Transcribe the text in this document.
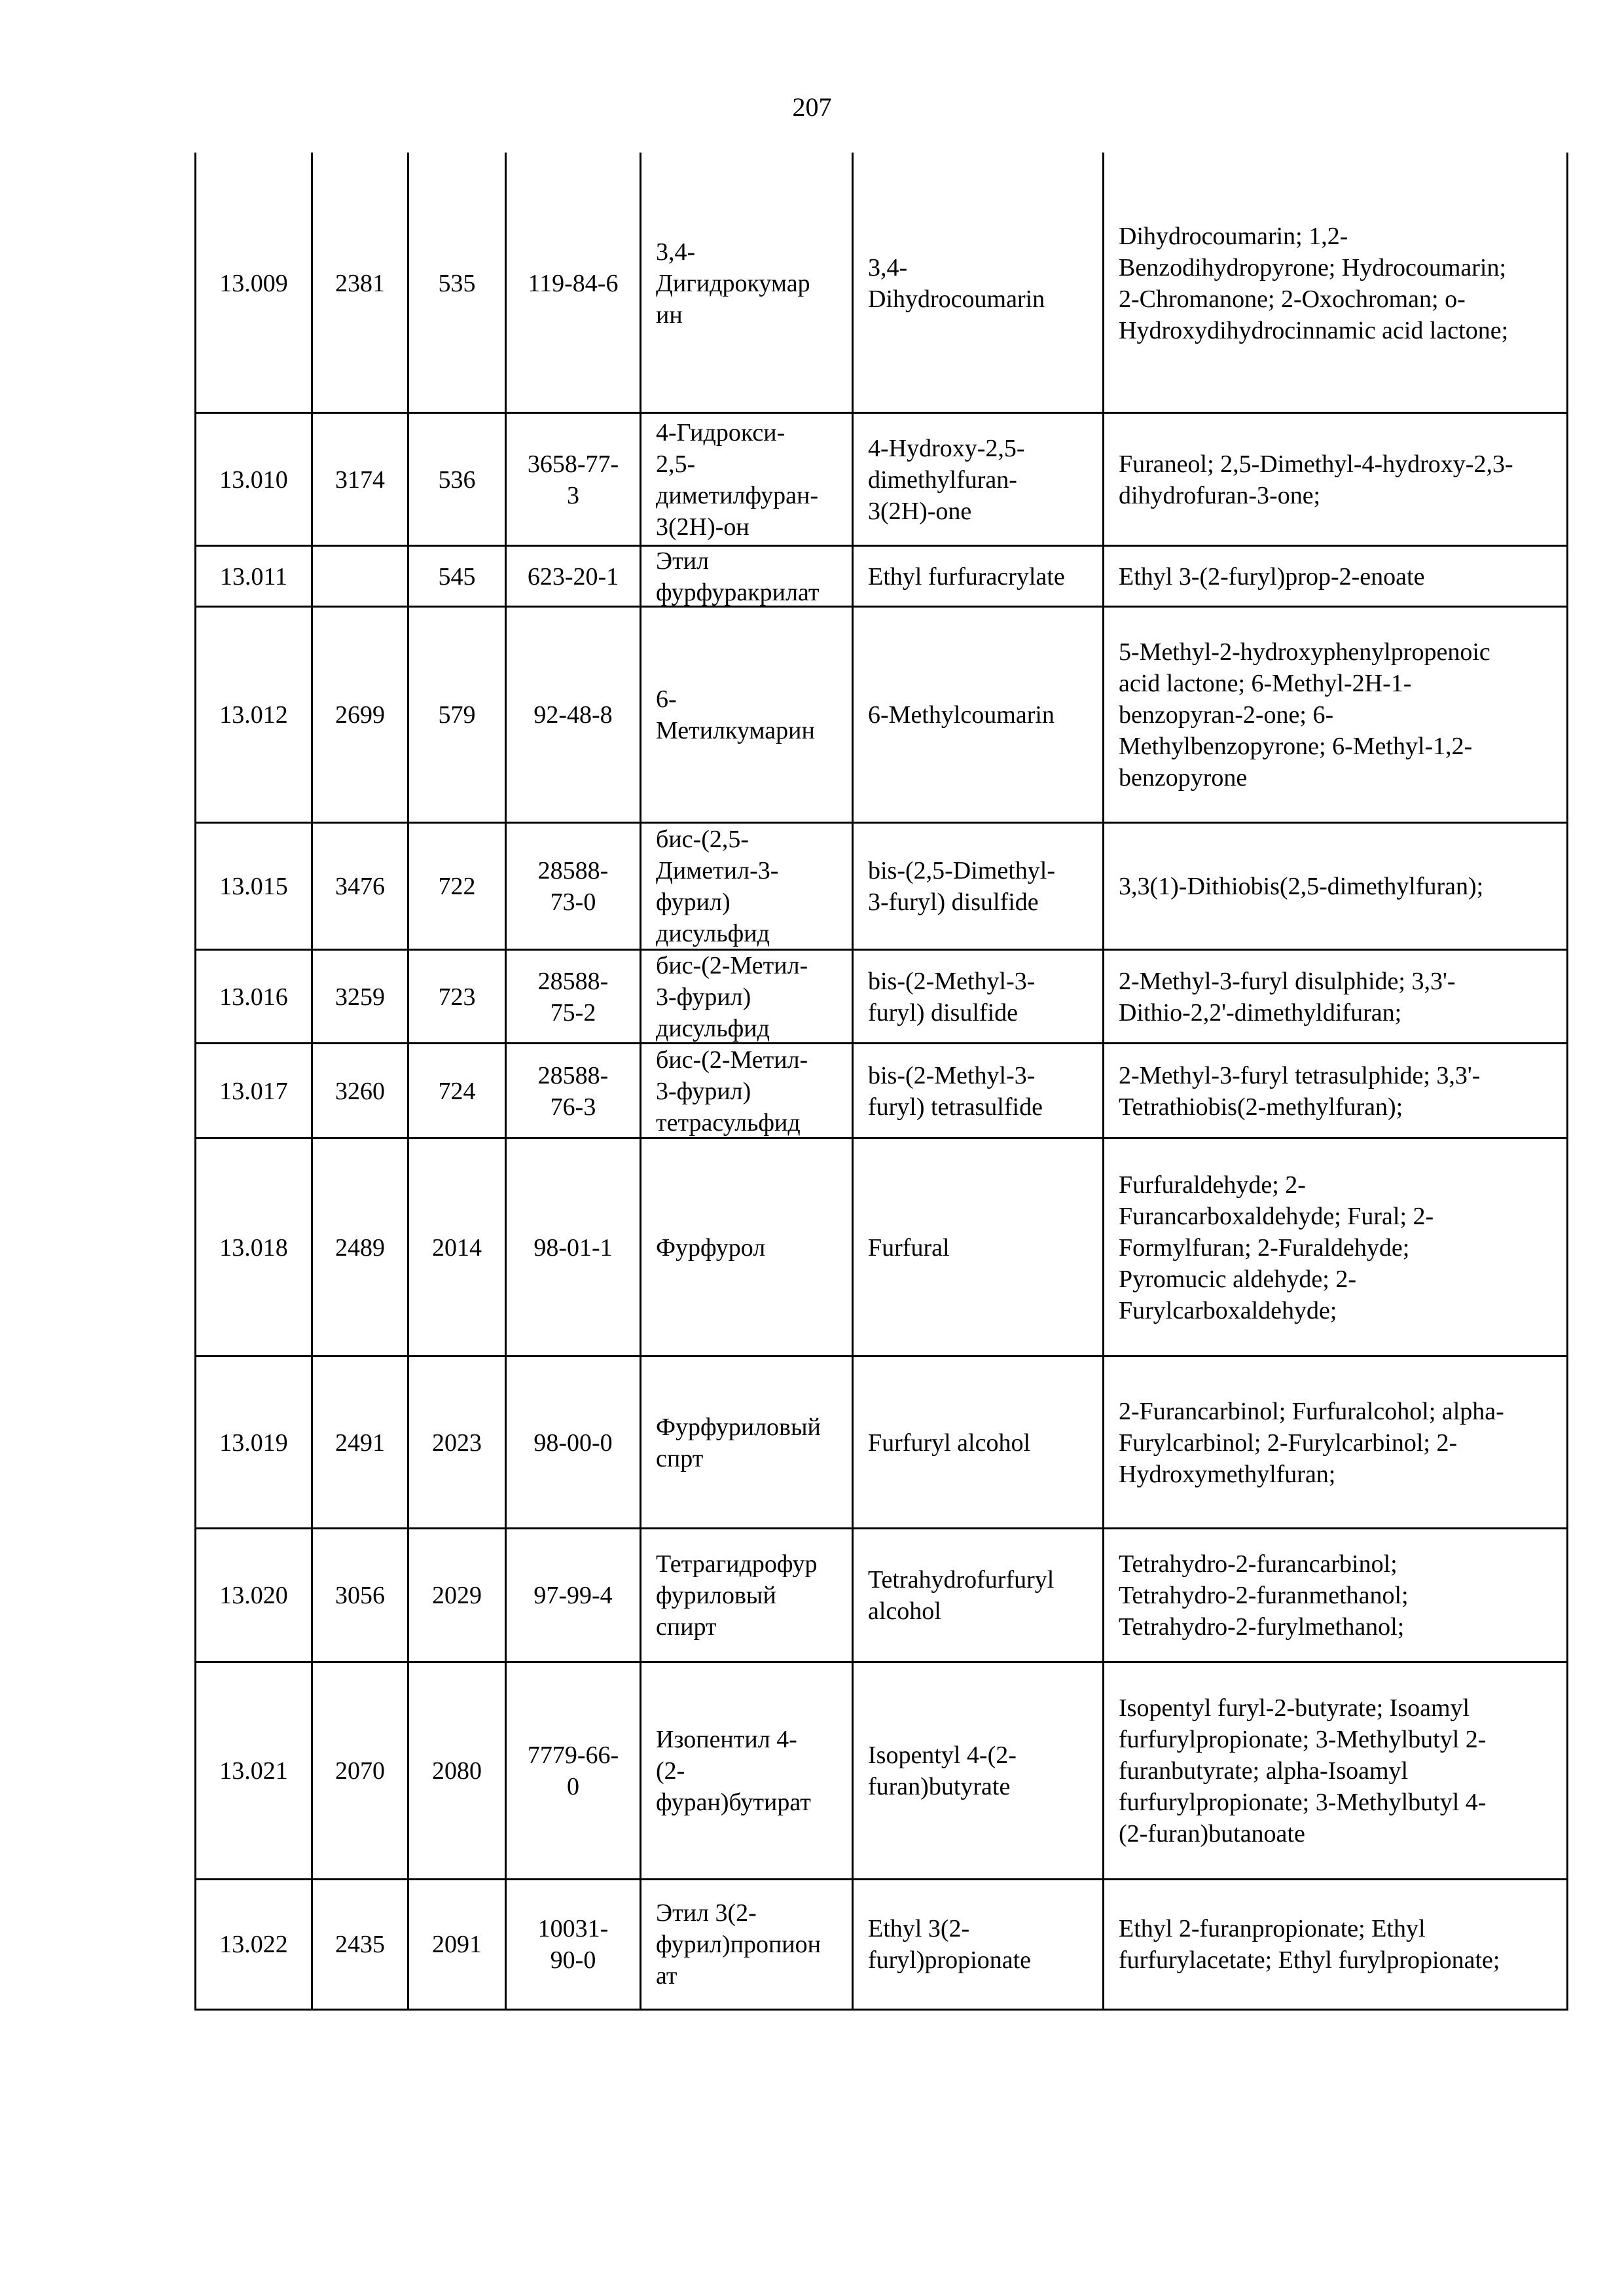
207
13.009 2381 535 119-84-6
3,4-
Дигидрокумар
ин
3,4-
Dihydrocoumarin
Dihydrocoumarin; 1,2-
Benzodihydropyrone; Hydrocoumarin;
2-Chromanone; 2-Oxochroman; o-
Hydroxydihydrocinnamic acid lactone;
13.010 3174 536
3658-77-
3
4-Гидрокси-
2,5-
диметилфуран-
3(2H)-он
4-Hydroxy-2,5-
dimethylfuran-
3(2H)-one
Furaneol; 2,5-Dimethyl-4-hydroxy-2,3-
dihydrofuran-3-one;
13.011	545 623-20-1
Этил
фурфуракрилат
Ethyl furfuracrylate Ethyl 3-(2-furyl)prop-2-enoate
13.012 2699 579 92-48-8
6-
Метилкумарин
6-Methylcoumarin
5-Methyl-2-hydroxyphenylpropenoic
acid lactone; 6-Methyl-2H-1-
benzopyran-2-one; 6-
Methylbenzopyrone; 6-Methyl-1,2-
benzopyrone
13.015 3476 722
28588-
73-0
бис-(2,5-
Диметил-3-
фурил)
дисульфид
bis-(2,5-Dimethyl-
3-furyl) disulfide
3,3(1)-Dithiobis(2,5-dimethylfuran);
13.016 3259 723
28588-
75-2
бис-(2-Метил-
3-фурил)
дисульфид
bis-(2-Methyl-3-
furyl) disulfide
2-Methyl-3-furyl disulphide; 3,3'-
Dithio-2,2'-dimethyldifuran;
13.017 3260 724
28588-
76-3
бис-(2-Метил-
3-фурил)
тетрасульфид
bis-(2-Methyl-3-
furyl) tetrasulfide
2-Methyl-3-furyl tetrasulphide; 3,3'-
Tetrathiobis(2-methylfuran);
13.018 2489 2014 98-01-1 Фурфурол	Furfural
Furfuraldehyde; 2-
Furancarboxaldehyde; Fural; 2-
Formylfuran; 2-Furaldehyde;
Pyromucic aldehyde; 2-
Furylcarboxaldehyde;
13.019 2491 2023 98-00-0
Фурфуриловый
спрт
Furfuryl alcohol
2-Furancarbinol; Furfuralcohol; alpha-
Furylcarbinol; 2-Furylcarbinol; 2-
Hydroxymethylfuran;
13.020 3056 2029 97-99-4
Тетрагидрофур
фуриловый
спирт
Tetrahydrofurfuryl
alcohol
Tetrahydro-2-furancarbinol;
Tetrahydro-2-furanmethanol;
Tetrahydro-2-furylmethanol;
13.021 2070 2080
7779-66-
0
Изопентил 4-
(2-
фуран)бутират
Isopentyl 4-(2-
furan)butyrate
Isopentyl furyl-2-butyrate; Isoamyl
furfurylpropionate; 3-Methylbutyl 2-
furanbutyrate; alpha-Isoamyl
furfurylpropionate; 3-Methylbutyl 4-
(2-furan)butanoate
13.022 2435 2091
10031-
90-0
Этил 3(2-
фурил)пропион
ат
Ethyl 3(2-
furyl)propionate
Ethyl 2-furanpropionate; Ethyl
furfurylacetate; Ethyl furylpropionate;
